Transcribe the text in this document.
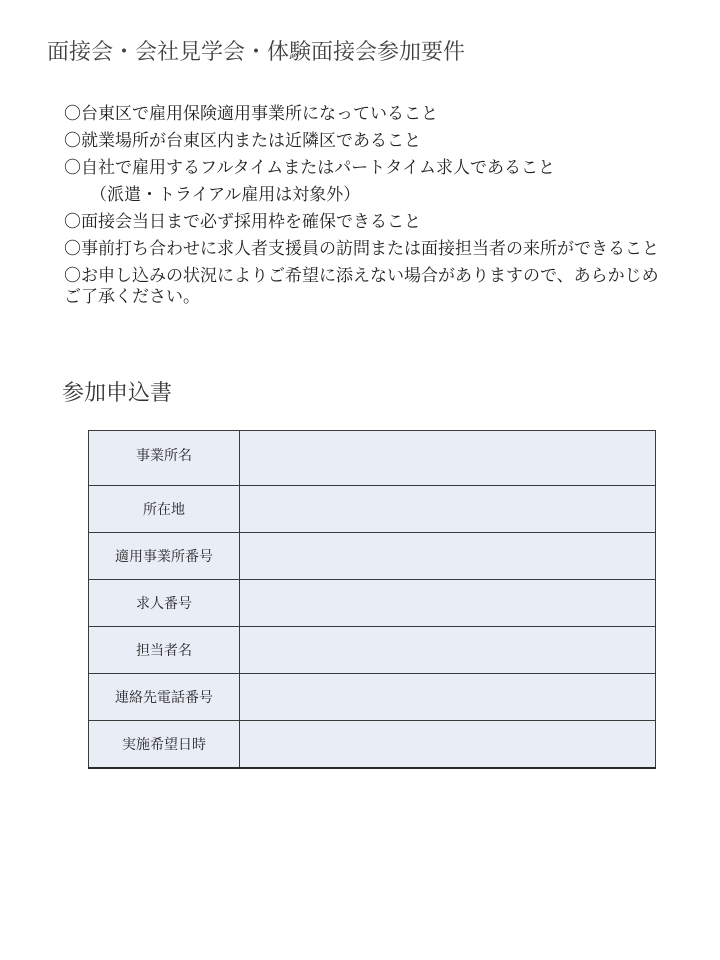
面接会・会社見学会・体験面接会参加要件
〇台東区で雇用保険適用事業所になっていること
〇就業場所が台東区内または近隣区であること
〇自社で雇用するフルタイムまたはパートタイム求人であること
（派遣・トライアル雇用は対象外）
〇面接会当日まで必ず採用枠を確保できること
〇事前打ち合わせに求人者支援員の訪問または面接担当者の来所ができること
〇お申し込みの状況によりご希望に添えない場合がありますので、あらかじめご了承ください。
参加申込書
事業所名	
所在地	
適用事業所番号	
求人番号	
担当者名	
連絡先電話番号	
実施希望日時	
